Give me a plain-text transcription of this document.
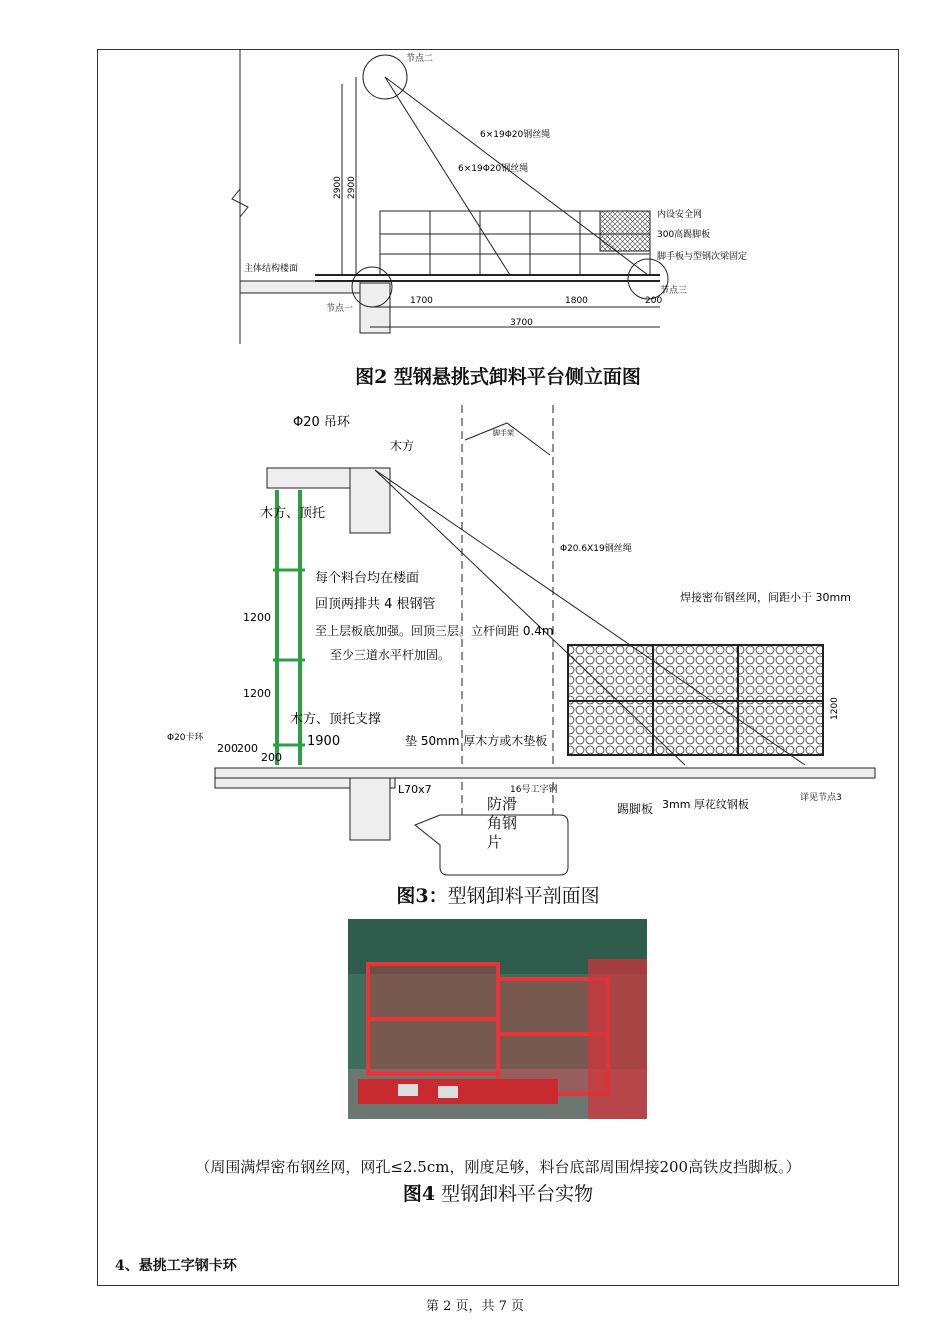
1700	1800	200
3700
节点二
6×19Φ20钢丝绳
6×19Φ20钢丝绳
内设安全网
300高踢脚板
脚手板与型钢次梁固定
主体结构楼面
节点一
节点三
2900 2900
图2 型钢悬挑式卸料平台侧立面图
Φ20 吊环
木方
木方、顶托
每个料台均在楼面
回顶两排共 4 根钢管
至上层板底加强。回顶三层。立杆间距 0.4m
至少三道水平杆加固。
1200
1200
木方、顶托支撑
1900	垫 50mm 厚木方或木垫板
Φ20卡环
200 200
200
L70x7	16号工字钢
踢脚板 3mm 厚花纹钢板
焊接密布钢丝网，间距小于 30mm
Φ20.6X19钢丝绳
脚手架
详见节点3
1200
防滑角钢片
图3：型钢卸料平剖面图
（周围满焊密布钢丝网，网孔≤2.5cm，刚度足够，料台底部周围焊接200高铁皮挡脚板。）
图4 型钢卸料平台实物
4、悬挑工字钢卡环
第 2 页，共 7 页
